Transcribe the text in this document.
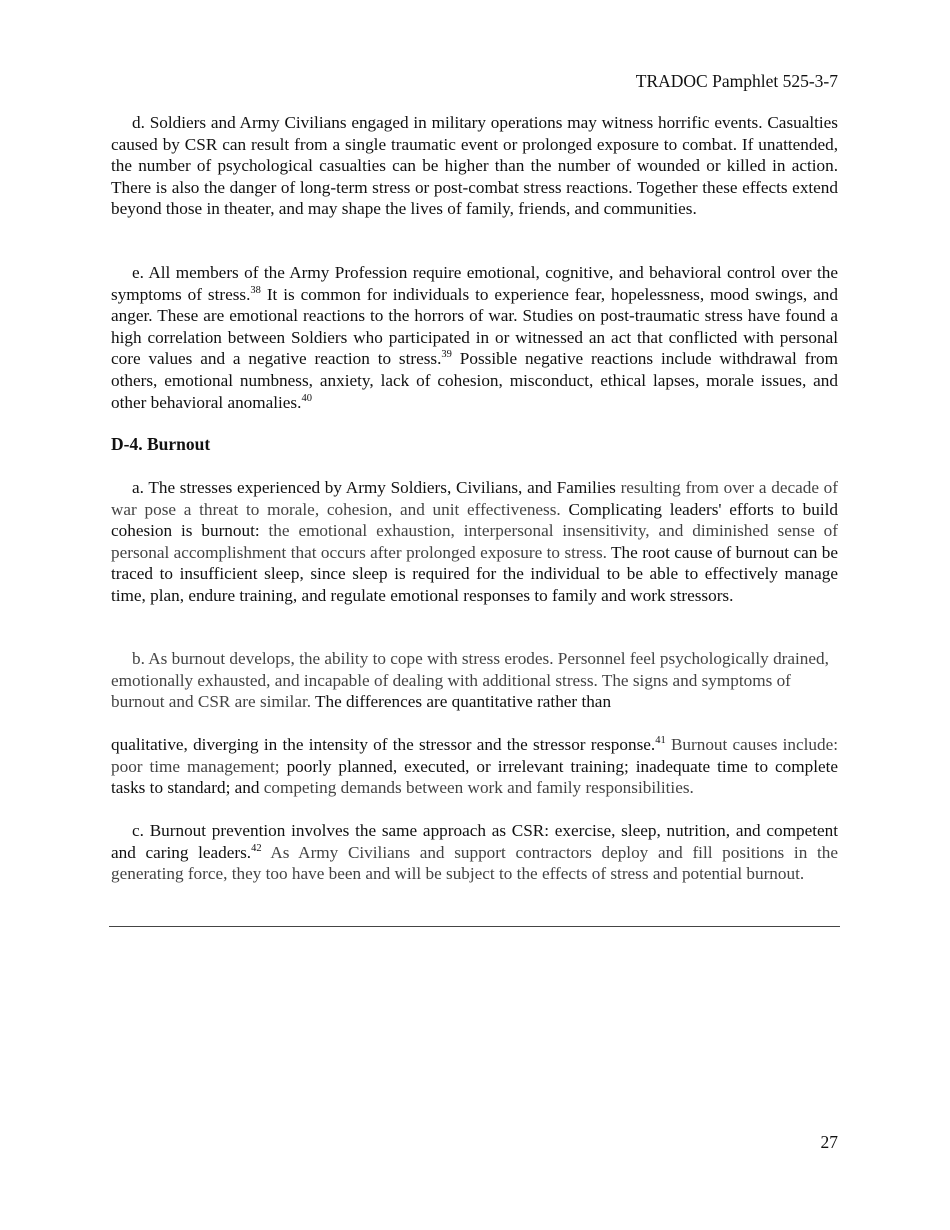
TRADOC Pamphlet 525-3-7

d. Soldiers and Army Civilians engaged in military operations may witness horrific events. Casualties caused by CSR can result from a single traumatic event or prolonged exposure to combat. If unattended, the number of psychological casualties can be higher than the number of wounded or killed in action. There is also the danger of long-term stress or post-combat stress reactions. Together these effects extend beyond those in theater, and may shape the lives of family, friends, and communities.

e. All members of the Army Profession require emotional, cognitive, and behavioral control over the symptoms of stress.$^{38}$ It is common for individuals to experience fear, hopelessness, mood swings, and anger. These are emotional reactions to the horrors of war. Studies on post-traumatic stress have found a high correlation between Soldiers who participated in or witnessed an act that conflicted with personal core values and a negative reaction to stress.$^{39}$ Possible negative reactions include withdrawal from others, emotional numbness, anxiety, lack of cohesion, misconduct, ethical lapses, morale issues, and other behavioral anomalies.$^{40}$

D-4. Burnout

a. The stresses experienced by Army Soldiers, Civilians, and Families resulting from over a decade of war pose a threat to morale, cohesion, and unit effectiveness. Complicating leaders' efforts to build cohesion is burnout: the emotional exhaustion, interpersonal insensitivity, and diminished sense of personal accomplishment that occurs after prolonged exposure to stress. The root cause of burnout can be traced to insufficient sleep, since sleep is required for the individual to be able to effectively manage time, plan, endure training, and regulate emotional responses to family and work stressors.

b. As burnout develops, the ability to cope with stress erodes. Personnel feel psychologically drained, emotionally exhausted, and incapable of dealing with additional stress. The signs and symptoms of burnout and CSR are similar. The differences are quantitative rather than

qualitative, diverging in the intensity of the stressor and the stressor response.$^{41}$ Burnout causes include: poor time management; poorly planned, executed, or irrelevant training; inadequate time to complete tasks to standard; and competing demands between work and family responsibilities.

c. Burnout prevention involves the same approach as CSR: exercise, sleep, nutrition, and competent and caring leaders.$^{42}$ As Army Civilians and support contractors deploy and fill positions in the generating force, they too have been and will be subject to the effects of stress and potential burnout.

27
